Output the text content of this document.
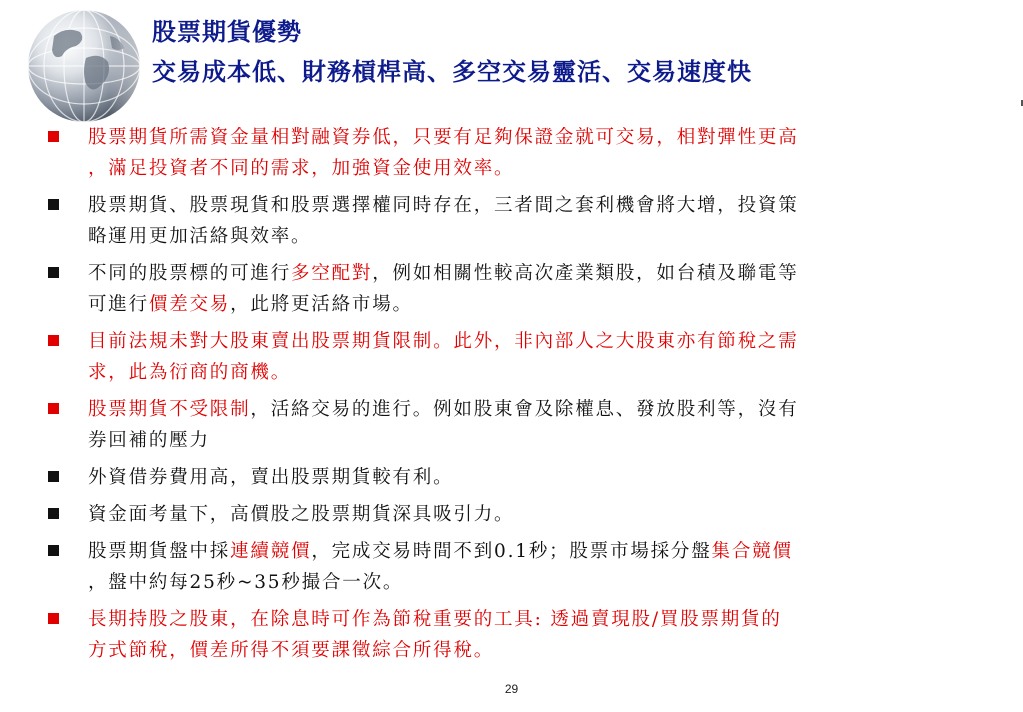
股票期貨優勢
交易成本低、財務槓桿高、多空交易靈活、交易速度快
股票期貨所需資金量相對融資券低，只要有足夠保證金就可交易，相對彈性更高
，滿足投資者不同的需求，加強資金使用效率。
股票期貨、股票現貨和股票選擇權同時存在，三者間之套利機會將大增，投資策
略運用更加活絡與效率。
不同的股票標的可進行多空配對，例如相關性較高次產業類股，如台積及聯電等
可進行價差交易，此將更活絡市場。
目前法規未對大股東賣出股票期貨限制。此外，非內部人之大股東亦有節稅之需
求，此為衍商的商機。
股票期貨不受限制，活絡交易的進行。例如股東會及除權息、發放股利等，沒有
券回補的壓力
外資借券費用高，賣出股票期貨較有利。
資金面考量下，高價股之股票期貨深具吸引力。
股票期貨盤中採連續競價，完成交易時間不到0.1秒；股票市場採分盤集合競價
，盤中約每25秒~35秒撮合一次。
長期持股之股東，在除息時可作為節稅重要的工具: 透過賣現股/買股票期貨的
方式節稅，價差所得不須要課徵綜合所得稅。
29
